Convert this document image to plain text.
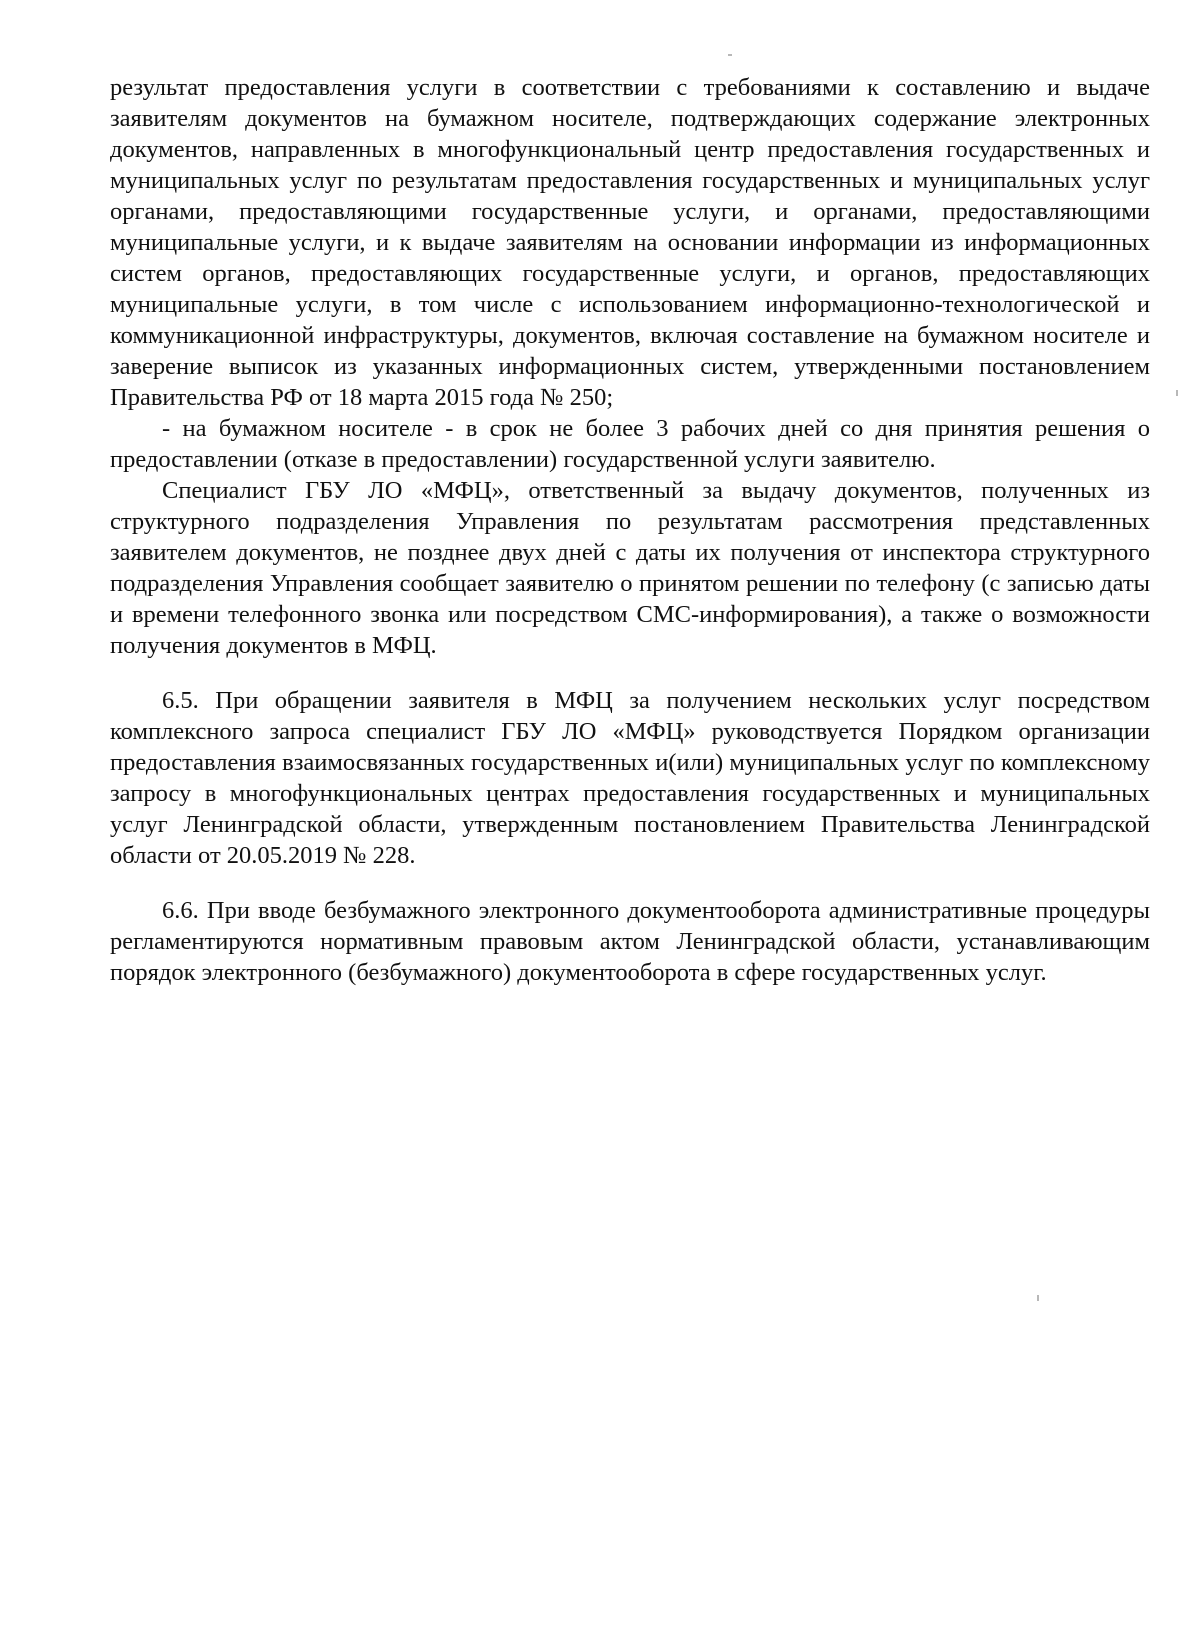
результат предоставления услуги в соответствии с требованиями к составлению и выдаче заявителям документов на бумажном носителе, подтверждающих содержание электронных документов, направленных в многофункциональный центр предоставления государственных и муниципальных услуг по результатам предоставления государственных и муниципальных услуг органами, предоставляющими государственные услуги, и органами, предоставляющими муниципальные услуги, и к выдаче заявителям на основании информации из информационных систем органов, предоставляющих государственные услуги, и органов, предоставляющих муниципальные услуги, в том числе с использованием информационно-технологической и коммуникационной инфраструктуры, документов, включая составление на бумажном носителе и заверение выписок из указанных информационных систем, утвержденными постановлением Правительства РФ от 18 марта 2015 года № 250;

- на бумажном носителе - в срок не более 3 рабочих дней со дня принятия решения о предоставлении (отказе в предоставлении) государственной услуги заявителю.

Специалист ГБУ ЛО «МФЦ», ответственный за выдачу документов, полученных из структурного подразделения Управления по результатам рассмотрения представленных заявителем документов, не позднее двух дней с даты их получения от инспектора структурного подразделения Управления сообщает заявителю о принятом решении по телефону (с записью даты и времени телефонного звонка или посредством СМС-информирования), а также о возможности получения документов в МФЦ.

6.5. При обращении заявителя в МФЦ за получением нескольких услуг посредством комплексного запроса специалист ГБУ ЛО «МФЦ» руководствуется Порядком организации предоставления взаимосвязанных государственных и(или) муниципальных услуг по комплексному запросу в многофункциональных центрах предоставления государственных и муниципальных услуг Ленинградской области, утвержденным постановлением Правительства Ленинградской области от 20.05.2019 № 228.

6.6. При вводе безбумажного электронного документооборота административные процедуры регламентируются нормативным правовым актом Ленинградской области, устанавливающим порядок электронного (безбумажного) документооборота в сфере государственных услуг.
